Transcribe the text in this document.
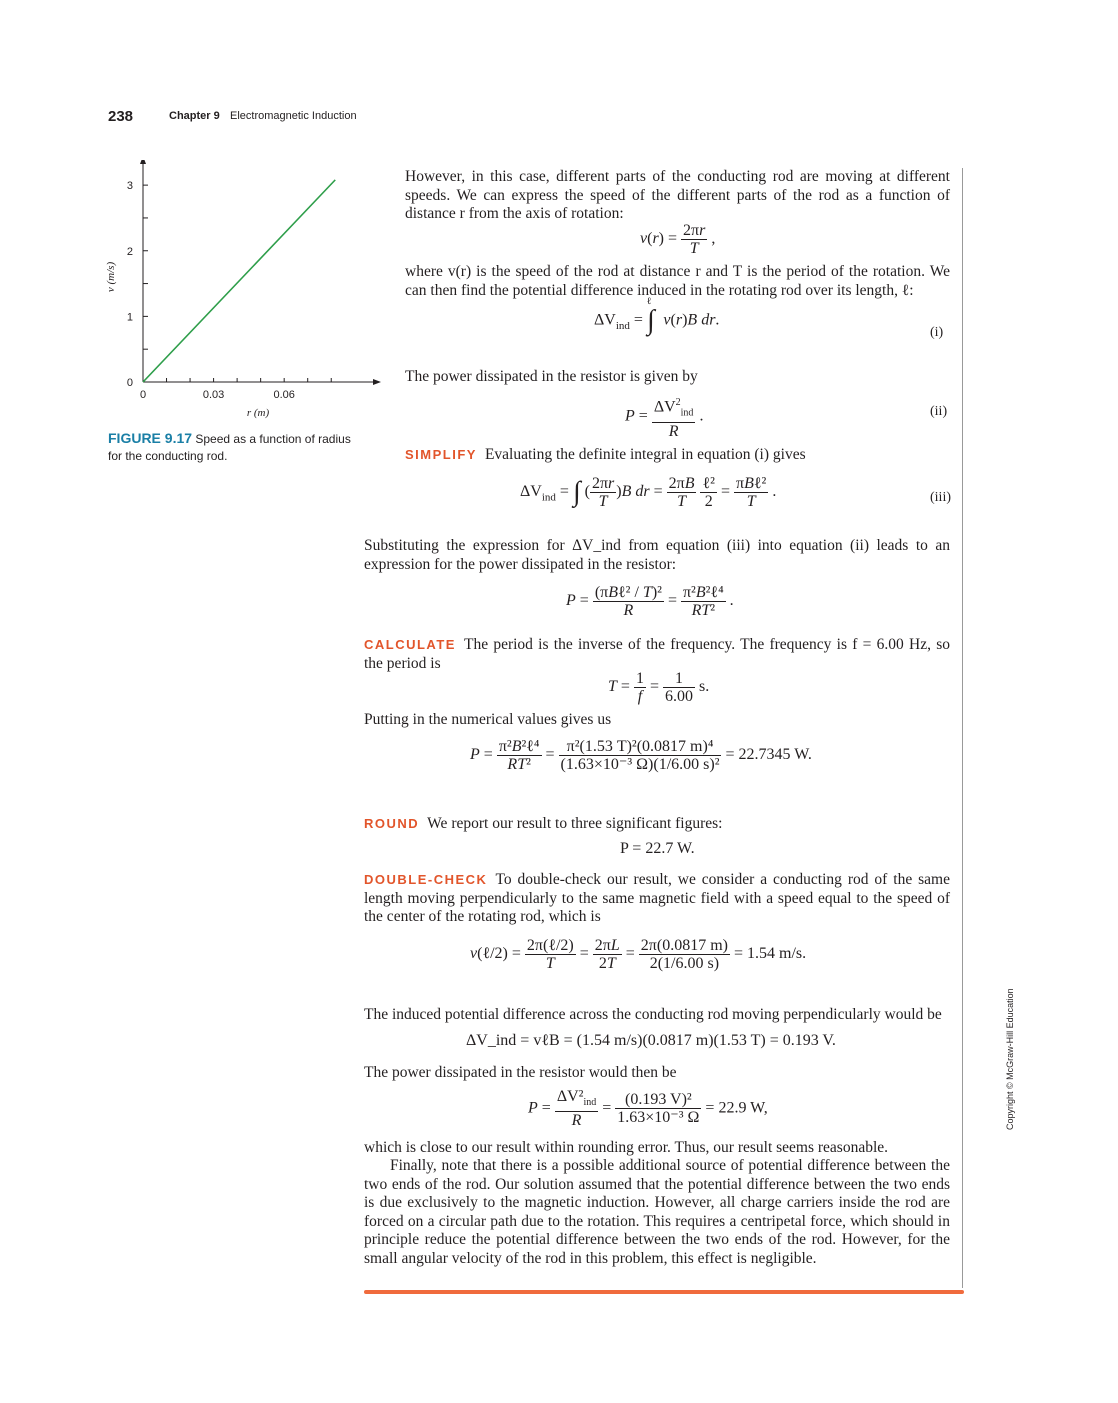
238	Chapter 9 Electromagnetic Induction
0	0.03	0.06
0
1
2
3
r (m)
v (m/s)
FIGURE 9.17 Speed as a function of radius for the conducting rod.
However, in this case, different parts of the conducting rod are moving at different speeds. We can express the speed of the different parts of the rod as a function of distance r from the axis of rotation:
$v(r) = \frac{2\pi r}{T}$ ,
where v(r) is the speed of the rod at distance r and T is the period of the rotation. We can then find the potential difference induced in the rotating rod over its length, ℓ:
$\Delta V_{ind} = \int^\ell$ v(r)B dr.
(i)
The power dissipated in the resistor is given by
$P = \frac{\Delta V^2_{ind}}{R}$ .	(ii)
SIMPLIFY Evaluating the definite integral in equation (i) gives
$\Delta V_{ind}$ = ∫ ( $\frac{2\pi r}{T} )B$ dr = $\frac{2\pi B}{T}$
$\frac{\text{ℓ²}}{2} = \frac{\text{πBℓ²}}{T}$ .	(iii)
Substituting the expression for ΔV_ind from equation (iii) into equation (ii) leads to an expression for the power dissipated in the resistor:
$P = \frac{\text{(πBℓ² / T)²}}{R} = \frac{\text{π²B²ℓ⁴}}{\text{RT²}}$ .
CALCULATE The period is the inverse of the frequency. The frequency is f = 6.00 Hz, so the period is
$T = \frac{1}{f} = \frac{1}{6.00} s$.
Putting in the numerical values gives us
$P = \frac{\text{π²B²ℓ⁴}}{\text{RT²}} = \frac{\text{π²(1.53 T)²(0.0817 m)⁴}}{\text{(1.63×10⁻³ Ω)(1/6.00 s)²}} = 22.7345$ W.
ROUND We report our result to three significant figures:
P = 22.7 W.
DOUBLE-CHECK To double-check our result, we consider a conducting rod of the same length moving perpendicularly to the same magnetic field with a speed equal to the speed of the center of the rotating rod, which is
v(ℓ/2) = $\frac{\text{2π(ℓ/2)}}{T} = \frac{2\pi L}{2T} = \frac{2\pi(0.0817 m)}{2(1/6.00 s)} = 1.54$ m/s.
The induced potential difference across the conducting rod moving perpendicularly would be
ΔV_ind = vℓB = (1.54 m/s)(0.0817 m)(1.53 T) = 0.193 V.
The power dissipated in the resistor would then be
$P = \frac{\Delta V^2_{ind}}{R} = \frac{\text{(0.193 V)²}}{\text{1.63×10⁻³ Ω}} = 22.9$ W,
which is close to our result within rounding error. Thus, our result seems reasonable.
Finally, note that there is a possible additional source of potential difference between the two ends of the rod. Our solution assumed that the potential difference between the two ends is due exclusively to the magnetic induction. However, all charge carriers inside the rod are forced on a circular path due to the rotation. This requires a centripetal force, which should in principle reduce the potential difference between the two ends of the rod. However, for the small angular velocity of the rod in this problem, this effect is negligible.
Copyright © McGraw-Hill Education
